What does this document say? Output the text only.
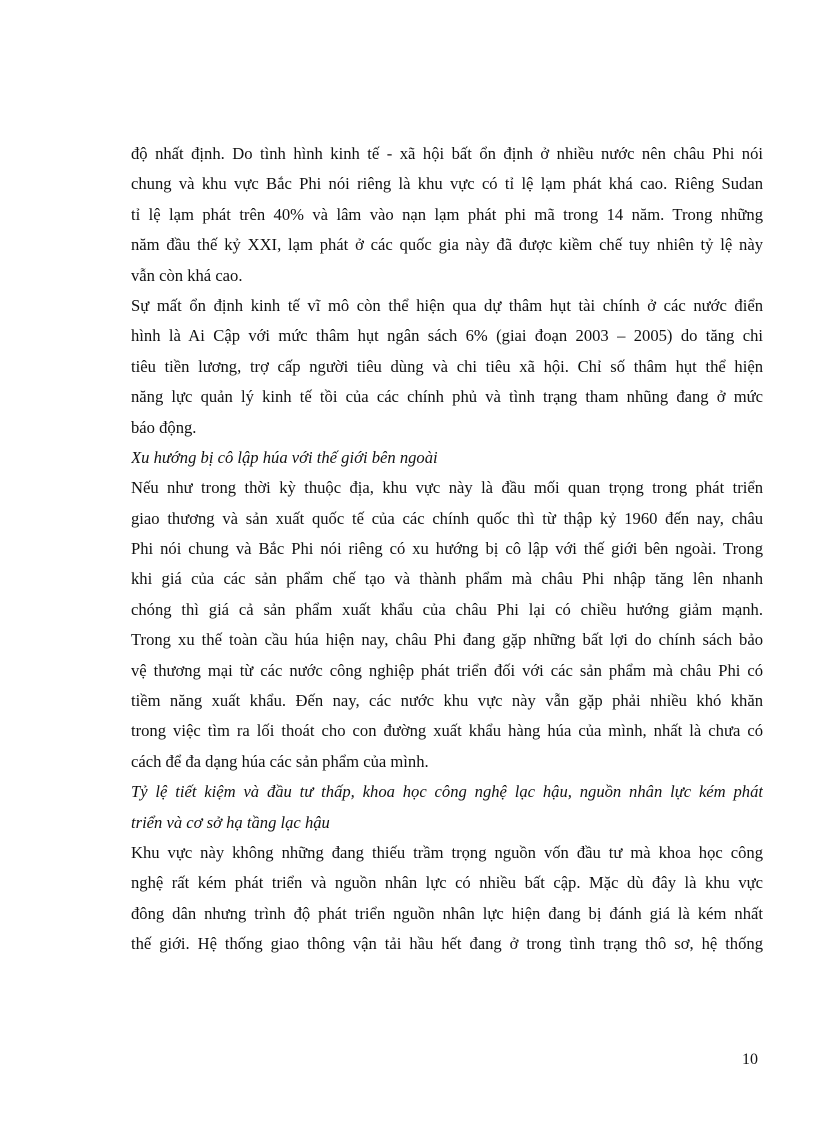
độ nhất định. Do tình hình kinh tế - xã hội bất ổn định ở nhiều nước nên châu Phi nói
chung và khu vực Bắc Phi nói riêng là khu vực có tỉ lệ lạm phát khá cao. Riêng Sudan
tỉ lệ lạm phát trên 40% và lâm vào nạn lạm phát phi mã trong 14 năm. Trong những
năm đầu thế kỷ XXI, lạm phát ở các quốc gia này đã được kiềm chế tuy nhiên tỷ lệ này
vẫn còn khá cao.
Sự mất ổn định kinh tế vĩ mô còn thể hiện qua dự thâm hụt tài chính ở các nước điển
hình là Ai Cập với mức thâm hụt ngân sách 6% (giai đoạn 2003 – 2005) do tăng chi
tiêu tiền lương, trợ cấp người tiêu dùng và chi tiêu xã hội. Chỉ số thâm hụt thể hiện
năng lực quản lý kinh tế tồi của các chính phủ và tình trạng tham nhũng đang ở mức
báo động.
Xu hướng bị cô lập húa với thế giới bên ngoài
Nếu như trong thời kỳ thuộc địa, khu vực này là đầu mối quan trọng trong phát triển
giao thương và sản xuất quốc tế của các chính quốc thì từ thập kỷ 1960 đến nay, châu
Phi nói chung và Bắc Phi nói riêng có xu hướng bị cô lập với thế giới bên ngoài. Trong
khi giá của các sản phẩm chế tạo và thành phẩm mà châu Phi nhập tăng lên nhanh
chóng thì giá cả sản phẩm xuất khẩu của châu Phi lại có chiều hướng giảm mạnh.
Trong xu thế toàn cầu húa hiện nay, châu Phi đang gặp những bất lợi do chính sách bảo
vệ thương mại từ các nước công nghiệp phát triển đối với các sản phẩm mà châu Phi có
tiềm năng xuất khẩu. Đến nay, các nước khu vực này vẫn gặp phải nhiều khó khăn
trong việc tìm ra lối thoát cho con đường xuất khẩu hàng húa của mình, nhất là chưa có
cách để đa dạng húa các sản phẩm của mình.
Tỷ lệ tiết kiệm và đầu tư thấp, khoa học công nghệ lạc hậu, nguồn nhân lực kém phát
triển và cơ sở hạ tầng lạc hậu
Khu vực này không những đang thiếu trầm trọng nguồn vốn đầu tư mà khoa học công
nghệ rất kém phát triển và nguồn nhân lực có nhiều bất cập. Mặc dù đây là khu vực
đông dân nhưng trình độ phát triển nguồn nhân lực hiện đang bị đánh giá là kém nhất
thế giới. Hệ thống giao thông vận tải hầu hết đang ở trong tình trạng thô sơ, hệ thống
10
